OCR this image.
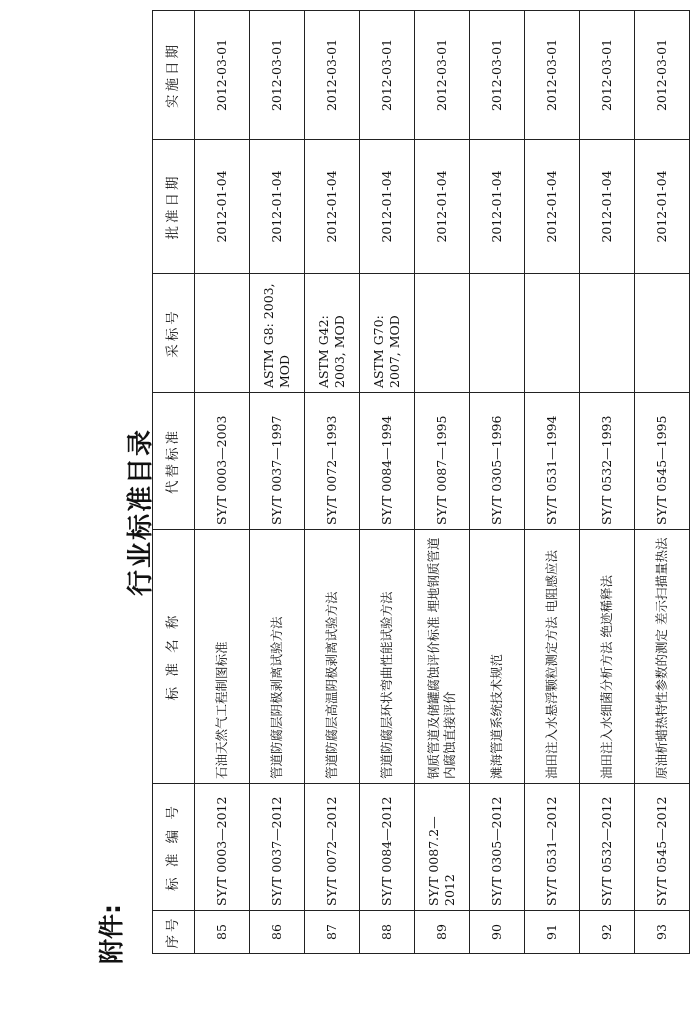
附件:
行业标准目录
序号	标 准 编 号	标 准 名 称	代替标准	采标号	批准日期	实施日期
85	SY/T 0003—2012	石油天然气工程制图标准	SY/T 0003—2003		2012-01-04	2012-03-01
86	SY/T 0037—2012	管道防腐层阴极剥离试验方法	SY/T 0037—1997	ASTM G8: 2003, MOD	2012-01-04	2012-03-01
87	SY/T 0072—2012	管道防腐层高温阴极剥离试验方法	SY/T 0072—1993	ASTM G42: 2003, MOD	2012-01-04	2012-03-01
88	SY/T 0084—2012	管道防腐层环状弯曲性能试验方法	SY/T 0084—1994	ASTM G70: 2007, MOD	2012-01-04	2012-03-01
89	SY/T 0087.2—2012	钢质管道及储罐腐蚀评价标准 埋地钢质管道内腐蚀直接评价	SY/T 0087—1995		2012-01-04	2012-03-01
90	SY/T 0305—2012	滩海管道系统技术规范	SY/T 0305—1996		2012-01-04	2012-03-01
91	SY/T 0531—2012	油田注入水悬浮颗粒测定方法 电阻感应法	SY/T 0531—1994		2012-01-04	2012-03-01
92	SY/T 0532—2012	油田注入水细菌分析方法 绝迹稀释法	SY/T 0532—1993		2012-01-04	2012-03-01
93	SY/T 0545—2012	原油析蜡热特性参数的测定 差示扫描量热法	SY/T 0545—1995		2012-01-04	2012-03-01
